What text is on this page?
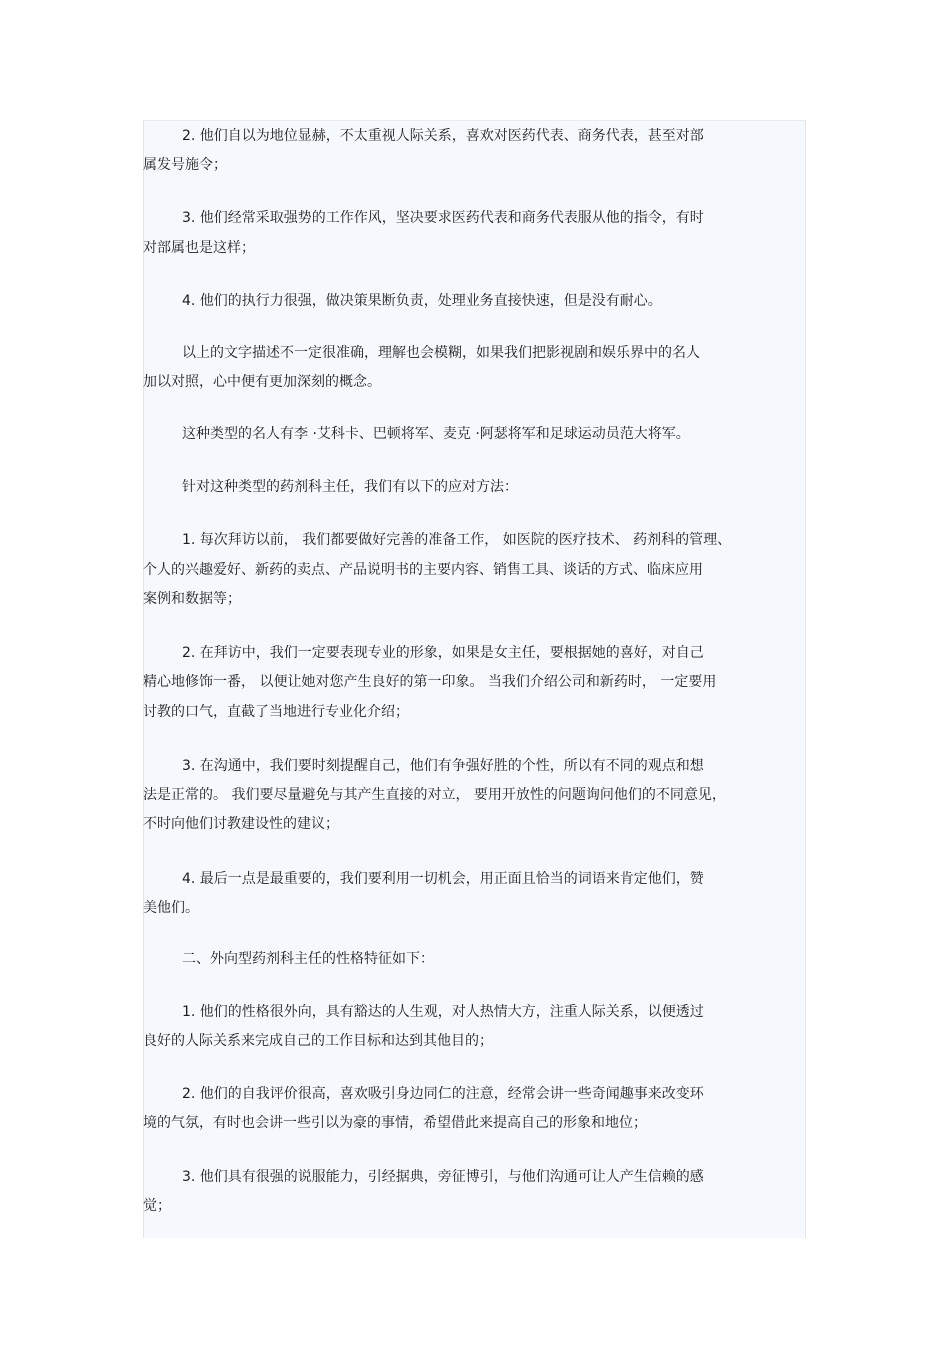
2. 他们自以为地位显赫，不太重视人际关系，喜欢对医药代表、商务代表，甚至对部
属发号施令；
3. 他们经常采取强势的工作作风，坚决要求医药代表和商务代表服从他的指令，有时
对部属也是这样；
4. 他们的执行力很强，做决策果断负责，处理业务直接快速，但是没有耐心。
以上的文字描述不一定很准确，理解也会模糊，如果我们把影视剧和娱乐界中的名人
加以对照，心中便有更加深刻的概念。
这种类型的名人有李 ·艾科卡、巴顿将军、麦克 ·阿瑟将军和足球运动员范大将军。
针对这种类型的药剂科主任，我们有以下的应对方法：
1. 每次拜访以前， 我们都要做好完善的准备工作， 如医院的医疗技术、 药剂科的管理、
个人的兴趣爱好、新药的卖点、产品说明书的主要内容、销售工具、谈话的方式、临床应用
案例和数据等；
2. 在拜访中，我们一定要表现专业的形象，如果是女主任，要根据她的喜好，对自己
精心地修饰一番， 以便让她对您产生良好的第一印象。 当我们介绍公司和新药时， 一定要用
讨教的口气，直截了当地进行专业化介绍；
3. 在沟通中，我们要时刻提醒自己，他们有争强好胜的个性，所以有不同的观点和想
法是正常的。 我们要尽量避免与其产生直接的对立， 要用开放性的问题询问他们的不同意见，
不时向他们讨教建设性的建议；
4. 最后一点是最重要的，我们要利用一切机会，用正面且恰当的词语来肯定他们，赞
美他们。
二、外向型药剂科主任的性格特征如下：
1. 他们的性格很外向，具有豁达的人生观，对人热情大方，注重人际关系，以便透过
良好的人际关系来完成自己的工作目标和达到其他目的；
2. 他们的自我评价很高，喜欢吸引身边同仁的注意，经常会讲一些奇闻趣事来改变环
境的气氛，有时也会讲一些引以为豪的事情，希望借此来提高自己的形象和地位；
3. 他们具有很强的说服能力，引经据典，旁征博引，与他们沟通可让人产生信赖的感
觉；
